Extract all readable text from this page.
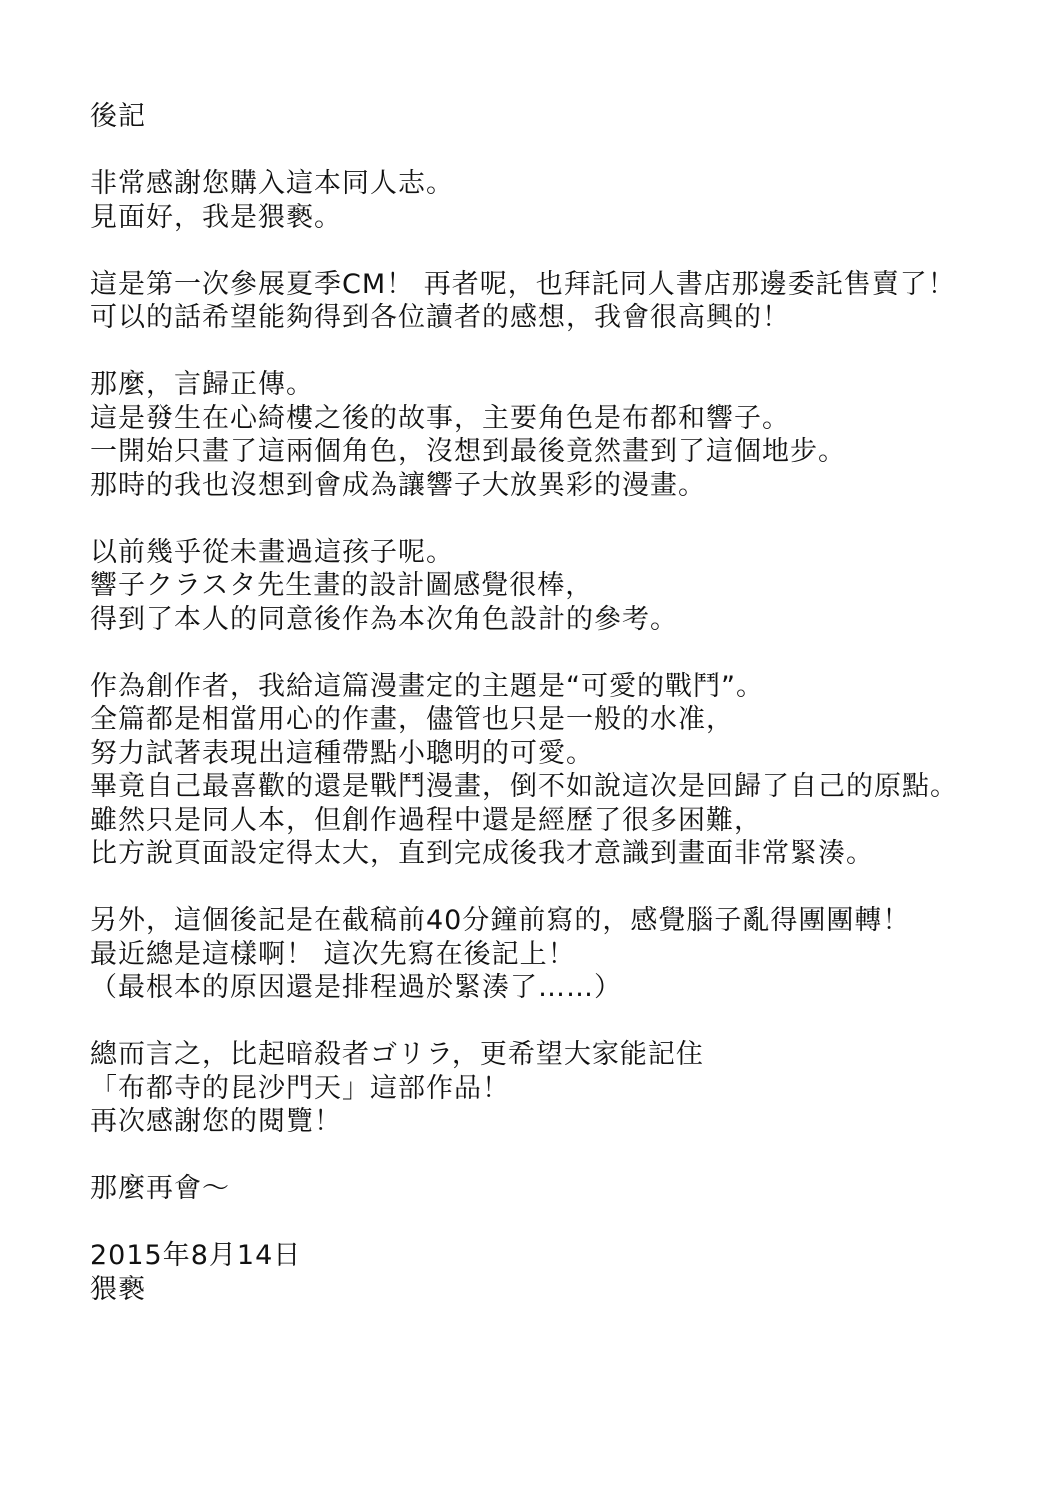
後記
非常感謝您購入這本同人志。
見面好，我是猥褻。
這是第一次參展夏季CM！ 再者呢，也拜託同人書店那邊委託售賣了！
可以的話希望能夠得到各位讀者的感想，我會很高興的！
那麼，言歸正傳。
這是發生在心綺樓之後的故事，主要角色是布都和響子。
一開始只畫了這兩個角色，沒想到最後竟然畫到了這個地步。
那時的我也沒想到會成為讓響子大放異彩的漫畫。
以前幾乎從未畫過這孩子呢。
響子クラスタ先生畫的設計圖感覺很棒，
得到了本人的同意後作為本次角色設計的參考。
作為創作者，我給這篇漫畫定的主題是“可愛的戰鬥”。
全篇都是相當用心的作畫，儘管也只是一般的水准，
努力試著表現出這種帶點小聰明的可愛。
畢竟自己最喜歡的還是戰鬥漫畫，倒不如說這次是回歸了自己的原點。
雖然只是同人本，但創作過程中還是經歷了很多困難，
比方說頁面設定得太大，直到完成後我才意識到畫面非常緊湊。
另外，這個後記是在截稿前40分鐘前寫的，感覺腦子亂得團團轉！
最近總是這樣啊！ 這次先寫在後記上！
（最根本的原因還是排程過於緊湊了……）
總而言之，比起暗殺者ゴリラ，更希望大家能記住
「布都寺的昆沙門天」這部作品！
再次感謝您的閱覽！
那麼再會～
2015年8月14日
猥褻
